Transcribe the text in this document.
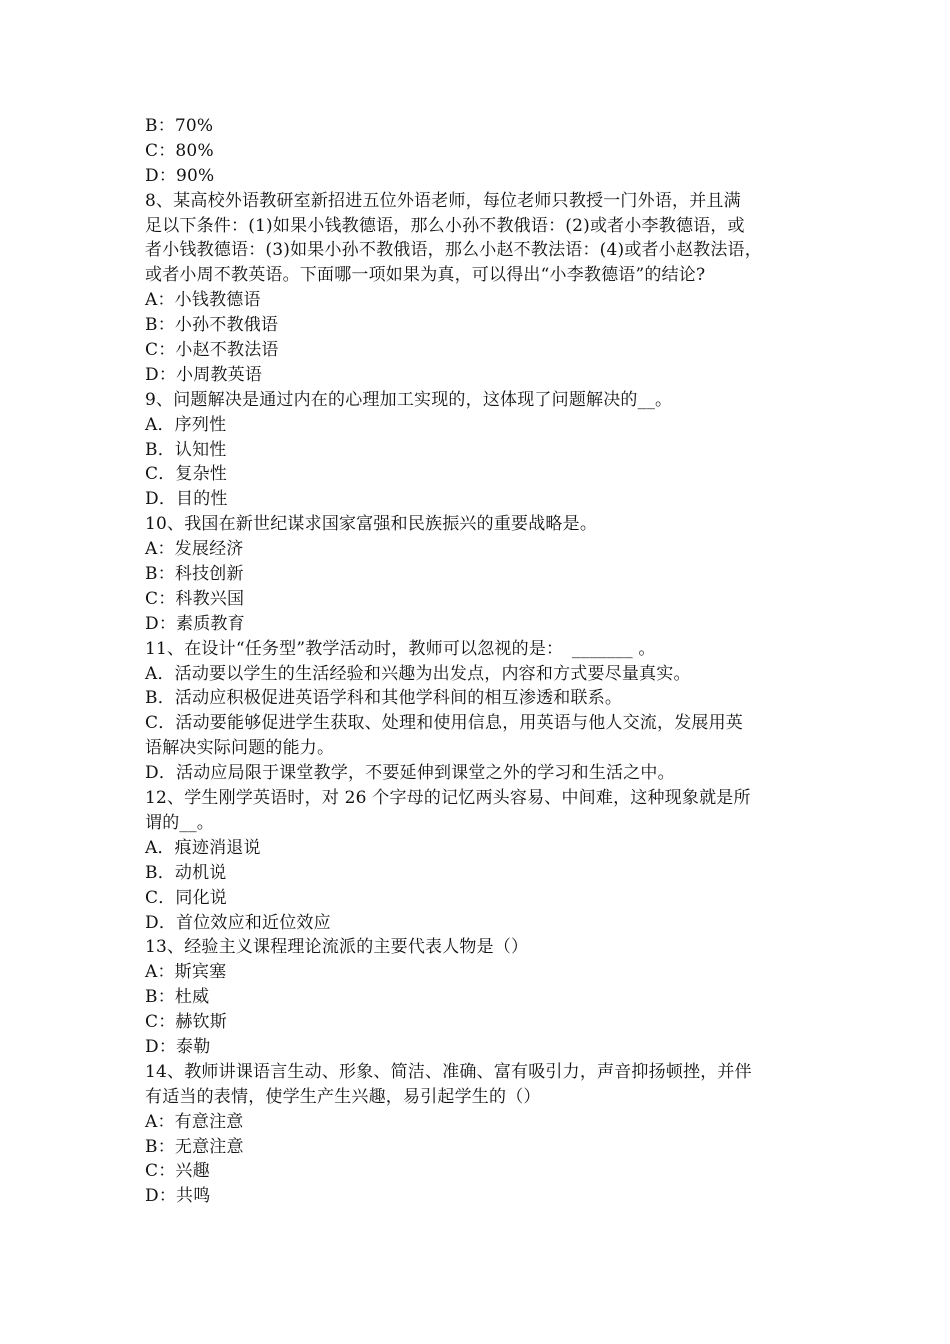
B：70%
C：80%
D：90%
8、某高校外语教研室新招进五位外语老师，每位老师只教授一门外语，并且满
足以下条件：(1)如果小钱教德语，那么小孙不教俄语：(2)或者小李教德语，或
者小钱教德语：(3)如果小孙不教俄语，那么小赵不教法语：(4)或者小赵教法语，
或者小周不教英语。下面哪一项如果为真，可以得出“小李教德语”的结论?
A：小钱教德语
B：小孙不教俄语
C：小赵不教法语
D：小周教英语
9、问题解决是通过内在的心理加工实现的，这体现了问题解决的__。
A．序列性
B．认知性
C．复杂性
D．目的性
10、我国在新世纪谋求国家富强和民族振兴的重要战略是。
A：发展经济
B：科技创新
C：科教兴国
D：素质教育
11、在设计“任务型”教学活动时，教师可以忽视的是：　_______ 。
A．活动要以学生的生活经验和兴趣为出发点，内容和方式要尽量真实。
B．活动应积极促进英语学科和其他学科间的相互渗透和联系。
C．活动要能够促进学生获取、处理和使用信息，用英语与他人交流，发展用英
语解决实际问题的能力。
D．活动应局限于课堂教学，不要延伸到课堂之外的学习和生活之中。
12、学生刚学英语时，对 26 个字母的记忆两头容易、中间难，这种现象就是所
谓的__。
A．痕迹消退说
B．动机说
C．同化说
D．首位效应和近位效应
13、经验主义课程理论流派的主要代表人物是（）
A：斯宾塞
B：杜威
C：赫钦斯
D：泰勒
14、教师讲课语言生动、形象、简洁、准确、富有吸引力，声音抑扬顿挫，并伴
有适当的表情，使学生产生兴趣，易引起学生的（）
A：有意注意
B：无意注意
C：兴趣
D：共鸣
